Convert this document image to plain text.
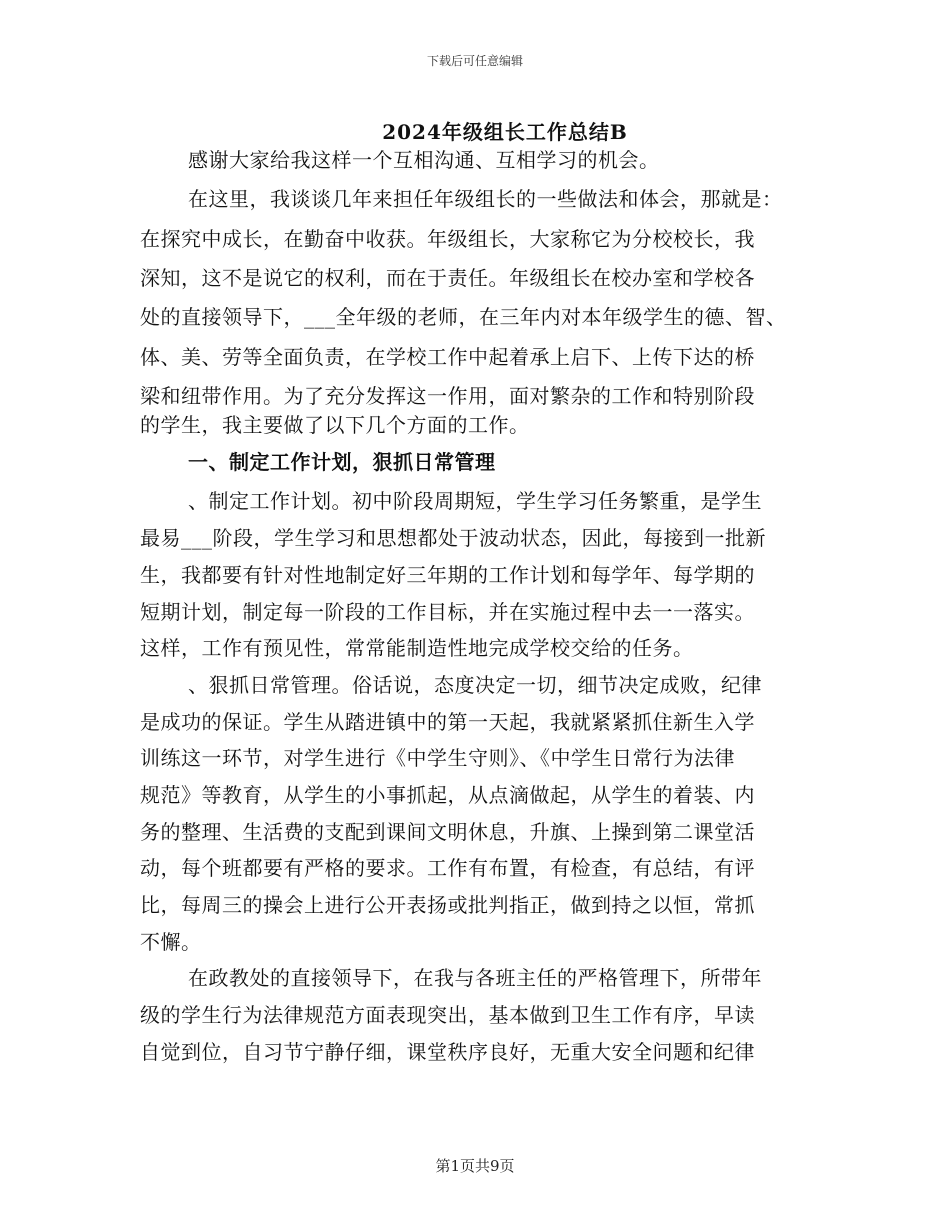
下载后可任意编辑
2024年级组长工作总结B
感谢大家给我这样一个互相沟通、互相学习的机会。
在这里，我谈谈几年来担任年级组长的一些做法和体会，那就是：
在探究中成长，在勤奋中收获。年级组长，大家称它为分校校长，我
深知，这不是说它的权利，而在于责任。年级组长在校办室和学校各
处的直接领导下，___全年级的老师，在三年内对本年级学生的德、智、
体、美、劳等全面负责，在学校工作中起着承上启下、上传下达的桥
梁和纽带作用。为了充分发挥这一作用，面对繁杂的工作和特别阶段
的学生，我主要做了以下几个方面的工作。
一、制定工作计划，狠抓日常管理
、制定工作计划。初中阶段周期短，学生学习任务繁重，是学生
最易___阶段，学生学习和思想都处于波动状态，因此，每接到一批新
生，我都要有针对性地制定好三年期的工作计划和每学年、每学期的
短期计划，制定每一阶段的工作目标，并在实施过程中去一一落实。
这样，工作有预见性，常常能制造性地完成学校交给的任务。
、狠抓日常管理。俗话说，态度决定一切，细节决定成败，纪律
是成功的保证。学生从踏进镇中的第一天起，我就紧紧抓住新生入学
训练这一环节，对学生进行《中学生守则》、《中学生日常行为法律
规范》等教育，从学生的小事抓起，从点滴做起，从学生的着装、内
务的整理、生活费的支配到课间文明休息，升旗、上操到第二课堂活
动，每个班都要有严格的要求。工作有布置，有检查，有总结，有评
比，每周三的操会上进行公开表扬或批判指正，做到持之以恒，常抓
不懈。
在政教处的直接领导下，在我与各班主任的严格管理下，所带年
级的学生行为法律规范方面表现突出，基本做到卫生工作有序，早读
自觉到位，自习节宁静仔细，课堂秩序良好，无重大安全问题和纪律
第1页共9页
